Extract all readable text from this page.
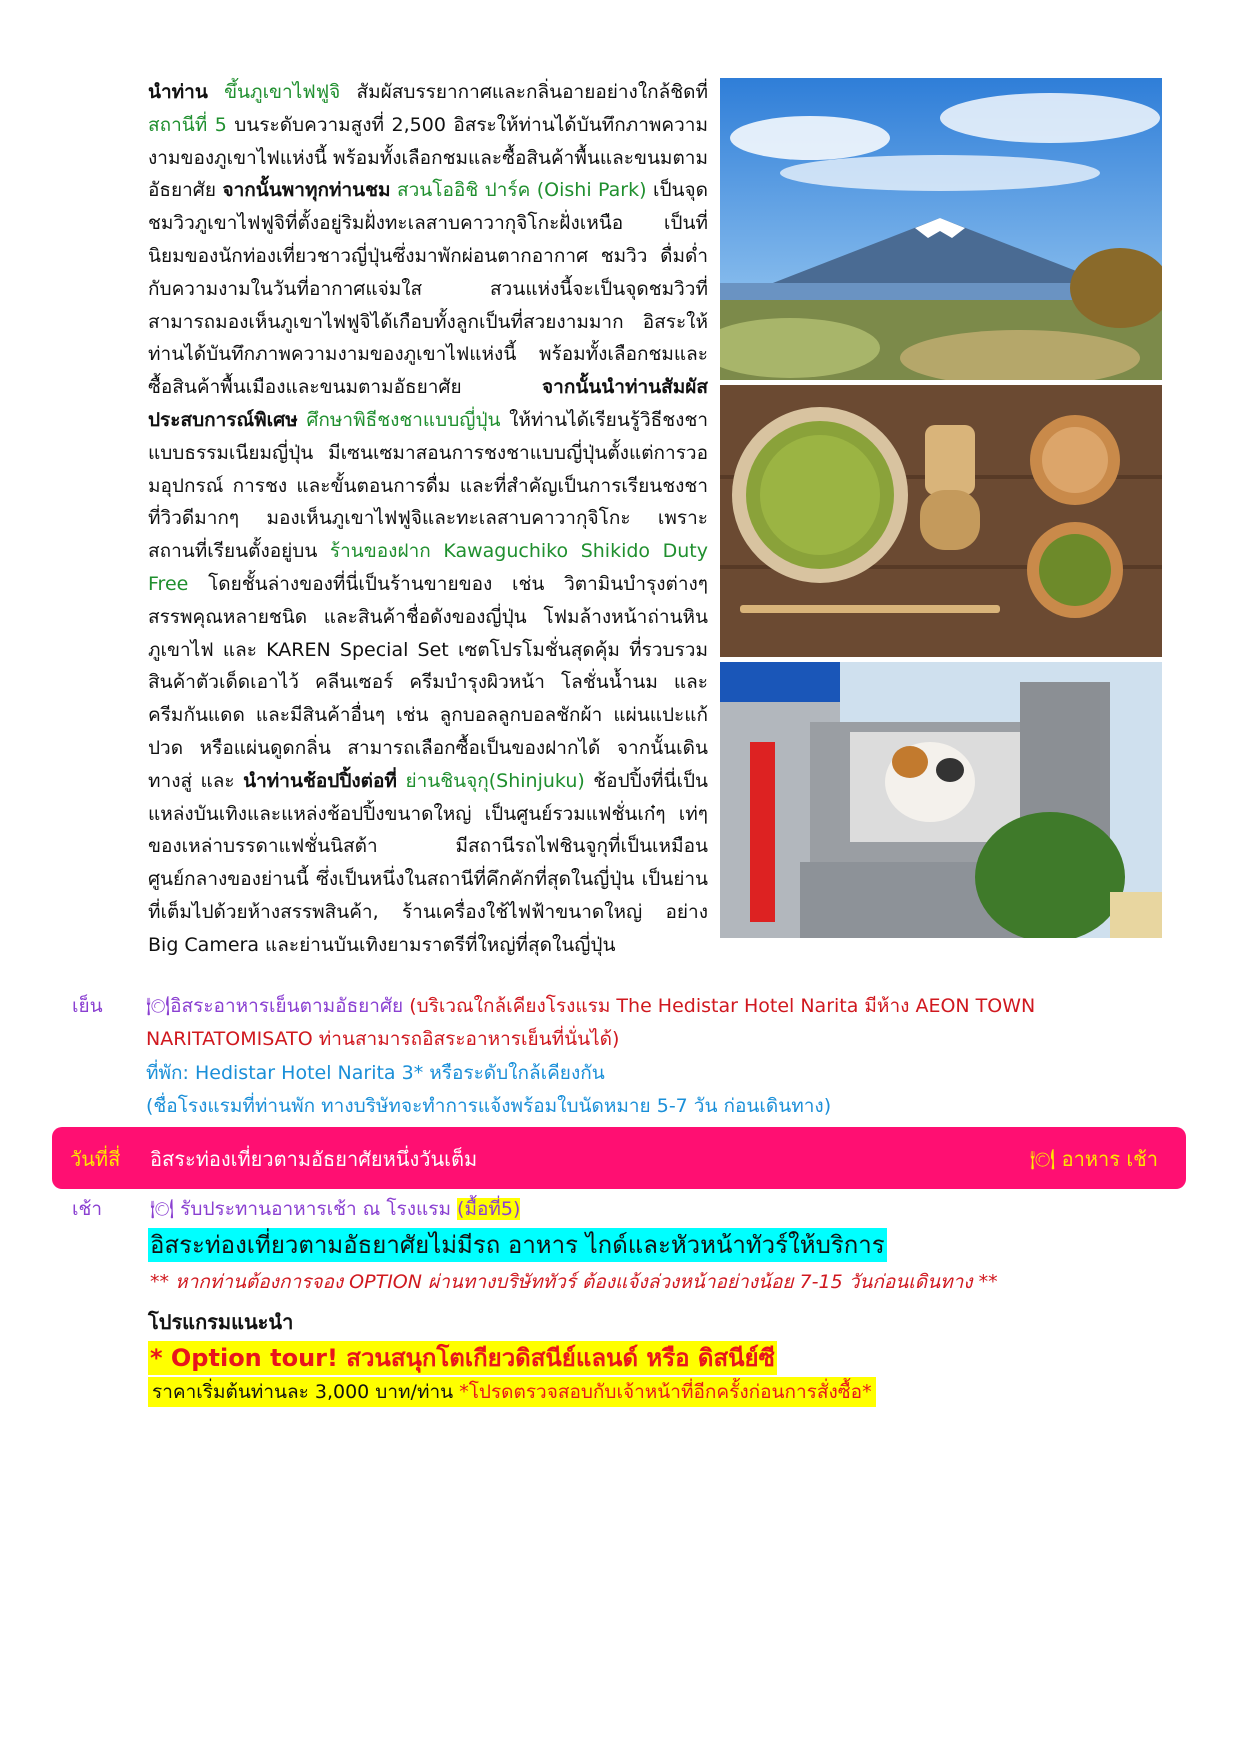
นำท่าน ขึ้นภูเขาไฟฟูจิ สัมผัสบรรยากาศและกลิ่นอายอย่างใกล้ชิดที่ สถานีที่ 5 บนระดับความสูงที่ 2,500 อิสระให้ท่านได้บันทึกภาพความงามของภูเขาไฟแห่งนี้ พร้อมทั้งเลือกชมและซื้อสินค้าพื้นและขนมตามอัธยาศัย จากนั้นพาทุกท่านชม สวนโออิชิ ปาร์ค (Oishi Park) เป็นจุดชมวิวภูเขาไฟฟูจิที่ตั้งอยู่ริมฝั่งทะเลสาบคาวากุจิโกะฝั่งเหนือ เป็นที่นิยมของนักท่องเที่ยวชาวญี่ปุ่นซึ่งมาพักผ่อนตากอากาศ ชมวิว ดื่มด่ำกับความงามในวันที่อากาศแจ่มใส สวนแห่งนี้จะเป็นจุดชมวิวที่สามารถมองเห็นภูเขาไฟฟูจิได้เกือบทั้งลูกเป็นที่สวยงามมาก อิสระให้ท่านได้บันทึกภาพความงามของภูเขาไฟแห่งนี้ พร้อมทั้งเลือกชมและซื้อสินค้าพื้นเมืองและขนมตามอัธยาศัย	จากนั้นนำท่านสัมผัสประสบการณ์พิเศษ ศึกษาพิธีชงชาแบบญี่ปุ่น ให้ท่านได้เรียนรู้วิธีชงชาแบบธรรมเนียมญี่ปุ่น มีเซนเซมาสอนการชงชาแบบญี่ปุ่นตั้งแต่การวอมอุปกรณ์ การชง และขั้นตอนการดื่ม และที่สำคัญเป็นการเรียนชงชาที่วิวดีมากๆ มองเห็นภูเขาไฟฟูจิและทะเลสาบคาวากุจิโกะ เพราะสถานที่เรียนตั้งอยู่บน ร้านของฝาก Kawaguchiko Shikido Duty Free โดยชั้นล่างของที่นี่เป็นร้านขายของ เช่น วิตามินบำรุงต่างๆ สรรพคุณหลายชนิด และสินค้าชื่อดังของญี่ปุ่น โฟมล้างหน้าถ่านหินภูเขาไฟ และ KAREN Special Set เซตโปรโมชั่นสุดคุ้ม ที่รวบรวมสินค้าตัวเด็ดเอาไว้ คลีนเซอร์ ครีมบำรุงผิวหน้า โลชั่นน้ำนม และ ครีมกันแดด และมีสินค้าอื่นๆ เช่น ลูกบอลลูกบอลชักผ้า แผ่นแปะแก้ปวด หรือแผ่นดูดกลิ่น สามารถเลือกซื้อเป็นของฝากได้ จากนั้นเดินทางสู่ และ นำท่านช้อปปิ้งต่อที่ ย่านชินจุกุ(Shinjuku) ช้อปปิ้งที่นี่เป็นแหล่งบันเทิงและแหล่งช้อปปิ้งขนาดใหญ่ เป็นศูนย์รวมแฟชั่นเก๋ๆ เท่ๆ ของเหล่าบรรดาแฟชั่นนิสต้า มีสถานีรถไฟชินจูกุที่เป็นเหมือนศูนย์กลางของย่านนี้ ซึ่งเป็นหนึ่งในสถานีที่คึกคักที่สุดในญี่ปุ่น เป็นย่านที่เต็มไปด้วยห้างสรรพสินค้า, ร้านเครื่องใช้ไฟฟ้าขนาดใหญ่ อย่าง Big Camera และย่านบันเทิงยามราตรีที่ใหญ่ที่สุดในญี่ปุ่น
เย็น 🍽อิสระอาหารเย็นตามอัธยาศัย (บริเวณใกล้เคียงโรงแรม The Hedistar Hotel Narita มีห้าง AEON TOWN NARITATOMISATO ท่านสามารถอิสระอาหารเย็นที่นั่นได้)
ที่พัก: Hedistar Hotel Narita 3* หรือระดับใกล้เคียงกัน
(ชื่อโรงแรมที่ท่านพัก ทางบริษัทจะทำการแจ้งพร้อมใบนัดหมาย 5-7 วัน ก่อนเดินทาง)
วันที่สี่ อิสระท่องเที่ยวตามอัธยาศัยหนึ่งวันเต็ม	🍽 อาหาร เช้า
เช้า	🍽 รับประทานอาหารเช้า ณ โรงแรม (มื้อที่5)
อิสระท่องเที่ยวตามอัธยาศัยไม่มีรถ อาหาร ไกด์และหัวหน้าทัวร์ให้บริการ
** หากท่านต้องการจอง OPTION ผ่านทางบริษัททัวร์ ต้องแจ้งล่วงหน้าอย่างน้อย 7-15 วันก่อนเดินทาง **
โปรแกรมแนะนำ
* Option tour! สวนสนุกโตเกียวดิสนีย์แลนด์ หรือ ดิสนีย์ซี
ราคาเริ่มต้นท่านละ 3,000 บาท/ท่าน *โปรดตรวจสอบกับเจ้าหน้าที่อีกครั้งก่อนการสั่งซื้อ*
